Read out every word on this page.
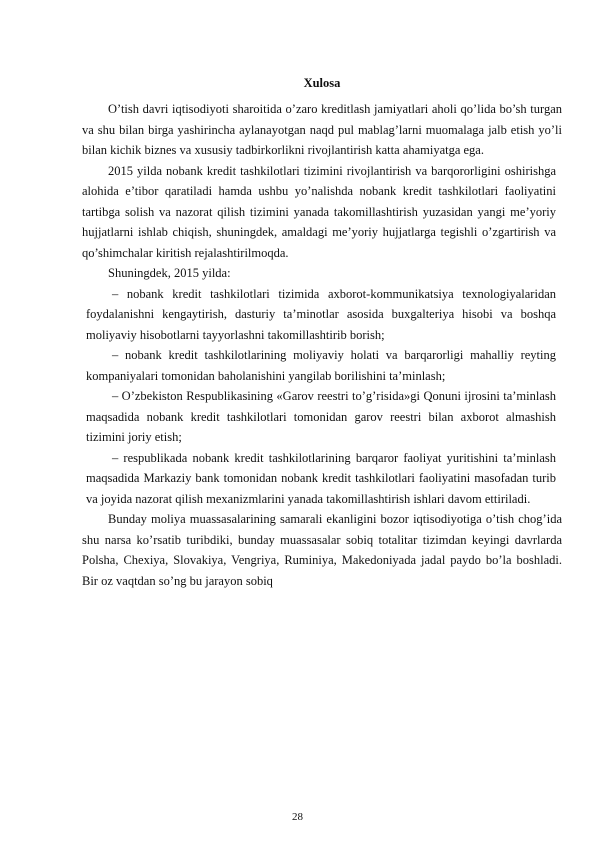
Xulosa

O’tish davri iqtisodiyoti sharoitida o’zaro kreditlash jamiyatlari aholi qo’lida bo’sh turgan va shu bilan birga yashirincha aylanayotgan naqd pul mablag’larni muomalaga jalb etish yo’li bilan kichik biznes va xususiy tadbirkorlikni rivojlantirish katta ahamiyatga ega.

2015 yilda nobank kredit tashkilotlari tizimini rivojlantirish va barqororligini oshirishga alohida e’tibor qaratiladi hamda ushbu yo’nalishda nobank kredit tashkilotlari faoliyatini tartibga solish va nazorat qilish tizimini yanada takomillashtirish yuzasidan yangi me’yoriy hujjatlarni ishlab chiqish, shuningdek, amaldagi me’yoriy hujjatlarga tegishli o’zgartirish va qo’shimchalar kiritish rejalashtirilmoqda.

Shuningdek, 2015 yilda:

– nobank kredit tashkilotlari tizimida axborot-kommunikatsiya texnologiyalaridan foydalanishni kengaytirish, dasturiy ta’minotlar asosida buxgalteriya hisobi va boshqa moliyaviy hisobotlarni tayyorlashni takomillashtirib borish;

– nobank kredit tashkilotlarining moliyaviy holati va barqarorligi mahalliy reyting kompaniyalari tomonidan baholanishini yangilab borilishini ta’minlash;

– O’zbekiston Respublikasining «Garov reestri to’g’risida»gi Qonuni ijrosini ta’minlash maqsadida nobank kredit tashkilotlari tomonidan garov reestri bilan axborot almashish tizimini joriy etish;

– respublikada nobank kredit tashkilotlarining barqaror faoliyat yuritishini ta’minlash maqsadida Markaziy bank tomonidan nobank kredit tashkilotlari faoliyatini masofadan turib va joyida nazorat qilish mexanizmlarini yanada takomillashtirish ishlari davom ettiriladi.

Bunday moliya muassasalarining samarali ekanligini bozor iqtisodiyotiga o’tish chog’ida shu narsa ko’rsatib turibdiki, bunday muassasalar sobiq totalitar tizimdan keyingi davrlarda Polsha, Chexiya, Slovakiya, Vengriya, Ruminiya, Makedoniyada jadal paydo bo’la boshladi. Bir oz vaqtdan so’ng bu jarayon sobiq

28
